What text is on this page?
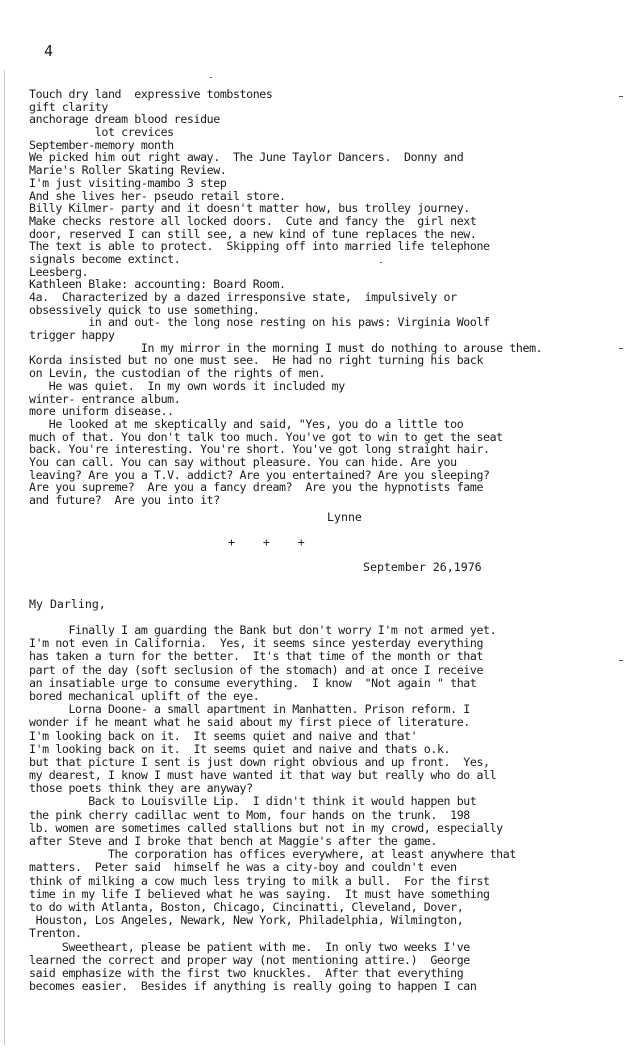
4
Touch dry land  expressive tombstones
gift clarity
anchorage dream blood residue
lot crevices
September-memory month
We picked him out right away.  The June Taylor Dancers.  Donny and
Marie's Roller Skating Review.
I'm just visiting-mambo 3 step
And she lives her- pseudo retail store.
Billy Kilmer- party and it doesn't matter how, bus trolley journey.
Make checks restore all locked doors.  Cute and fancy the  girl next
door, reserved I can still see, a new kind of tune replaces the new.
The text is able to protect.  Skipping off into married life telephone
signals become extinct.
Leesberg.
Kathleen Blake: accounting: Board Room.
4a.  Characterized by a dazed irresponsive state,  impulsively or
obsessively quick to use something.
in and out- the long nose resting on his paws: Virginia Woolf
trigger happy
In my mirror in the morning I must do nothing to arouse them.
Korda insisted but no one must see.  He had no right turning his back
on Levin, the custodian of the rights of men.
He was quiet.  In my own words it included my
winter- entrance album.
more uniform disease..
He looked at me skeptically and said, "Yes, you do a little too
much of that. You don't talk too much. You've got to win to get the seat
back. You're interesting. You're short. You've got long straight hair.
You can call. You can say without pleasure. You can hide. Are you
leaving? Are you a T.V. addict? Are you entertained? Are you sleeping?
Are you supreme?  Are you a fancy dream?  Are you the hypnotists fame
and future?  Are you into it?
Lynne
+    +    +
September 26,1976
My Darling,
Finally I am guarding the Bank but don't worry I'm not armed yet.
I'm not even in California.  Yes, it seems since yesterday everything
has taken a turn for the better.  It's that time of the month or that
part of the day (soft seclusion of the stomach) and at once I receive
an insatiable urge to consume everything.  I know  "Not again " that
bored mechanical uplift of the eye.
Lorna Doone- a small apartment in Manhatten. Prison reform. I
wonder if he meant what he said about my first piece of literature.
I'm looking back on it.  It seems quiet and naive and that'
I'm looking back on it.  It seems quiet and naive and thats o.k.
but that picture I sent is just down right obvious and up front.  Yes,
my dearest, I know I must have wanted it that way but really who do all
those poets think they are anyway?
Back to Louisville Lip.  I didn't think it would happen but
the pink cherry cadillac went to Mom, four hands on the trunk.  198
lb. women are sometimes called stallions but not in my crowd, especially
after Steve and I broke that bench at Maggie's after the game.
The corporation has offices everywhere, at least anywhere that
matters.  Peter said  himself he was a city-boy and couldn't even
think of milking a cow much less trying to milk a bull.  For the first
time in my life I believed what he was saying.  It must have something
to do with Atlanta, Boston, Chicago, Cincinatti, Cleveland, Dover,
Houston, Los Angeles, Newark, New York, Philadelphia, Wilmington,
Trenton.
Sweetheart, please be patient with me.  In only two weeks I've
learned the correct and proper way (not mentioning attire.)  George
said emphasize with the first two knuckles.  After that everything
becomes easier.  Besides if anything is really going to happen I can
